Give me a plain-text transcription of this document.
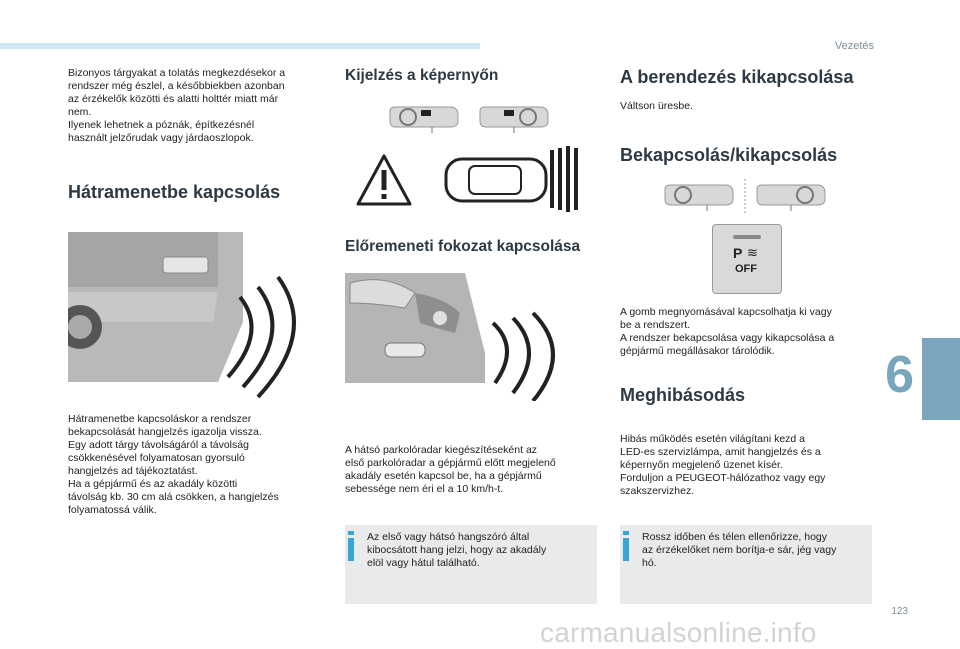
Vezetés
123
6
Bizonyos tárgyakat a tolatás megkezdésekor a
rendszer még észlel, a későbbiekben azonban
az érzékelők közötti és alatti holttér miatt már
nem.
Ilyenek lehetnek a póznák, építkezésnél
használt jelzőrudak vagy járdaoszlopok.
Hátramenetbe kapcsolás
Hátramenetbe kapcsoláskor a rendszer
bekapcsolását hangjelzés igazolja vissza.
Egy adott tárgy távolságáról a távolság
csökkenésével folyamatosan gyorsuló
hangjelzés ad tájékoztatást.
Ha a gépjármű és az akadály közötti
távolság kb. 30 cm alá csökken, a hangjelzés
folyamatossá válik.
Kijelzés a képernyőn
Előremeneti fokozat kapcsolása
A hátsó parkolóradar kiegészítéseként az
első parkolóradar a gépjármű előtt megjelenő
akadály esetén kapcsol be, ha a gépjármű
sebessége nem éri el a 10 km/h-t.
Az első vagy hátsó hangszóró által
kibocsátott hang jelzi, hogy az akadály
elöl vagy hátul található.
A berendezés kikapcsolása
Váltson üresbe.
Bekapcsolás/kikapcsolás
P ≋
OFF
A gomb megnyomásával kapcsolhatja ki vagy
be a rendszert.
A rendszer bekapcsolása vagy kikapcsolása a
gépjármű megállásakor tárolódik.
Meghibásodás
Hibás működés esetén világítani kezd a
LED-es szervizlámpa, amit hangjelzés és a
képernyőn megjelenő üzenet kísér.
Forduljon a PEUGEOT-hálózathoz vagy egy
szakszervizhez.
Rossz időben és télen ellenőrizze, hogy
az érzékelőket nem borítja-e sár, jég vagy
hó.
carmanualsonline.info
